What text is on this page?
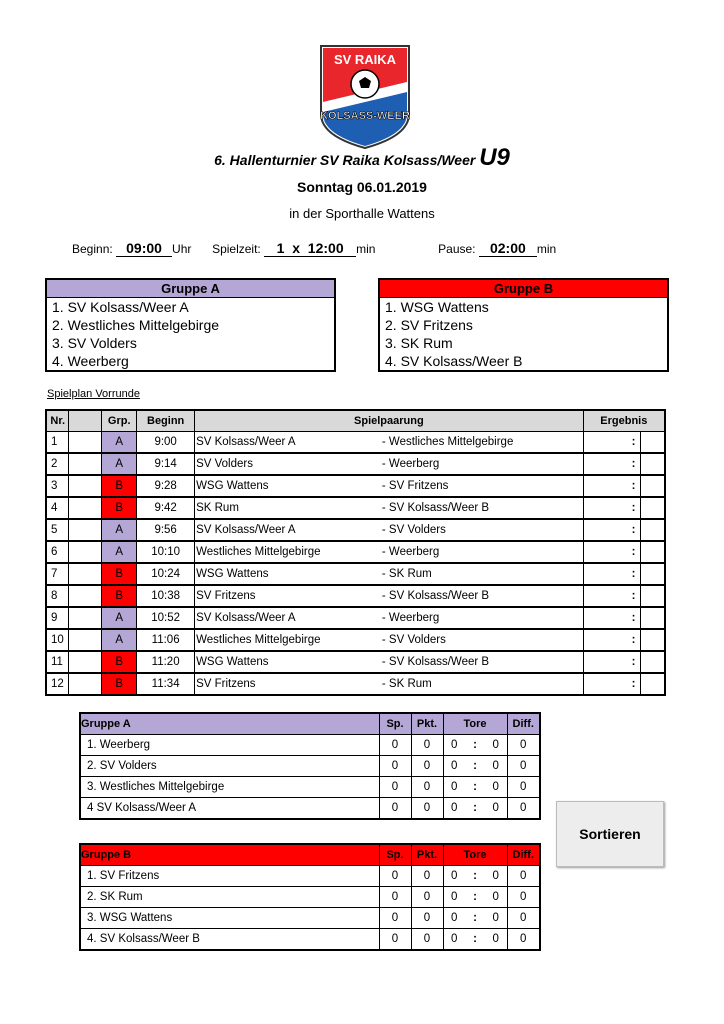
SV RAIKA
KOLSASS-WEER
6. Hallenturnier SV Raika Kolsass/Weer U9
Sonntag 06.01.2019
in der Sporthalle Wattens
Beginn: 09:00 Uhr Spielzeit: 1 x 12:00 min	Pause: 02:00 min
Gruppe A
1. SV Kolsass/Weer A
2. Westliches Mittelgebirge
3. SV Volders
4. Weerberg
Gruppe B
1. WSG Wattens
2. SV Fritzens
3. SK Rum
4. SV Kolsass/Weer B
Spielplan Vorrunde
Nr.		Grp.	Beginn	Spielpaarung		Ergebnis	
1		A	9:00	SV Kolsass/Weer A	- Westliches Mittelgebirge	:	
2		A	9:14	SV Volders	- Weerberg	:	
3		B	9:28	WSG Wattens	- SV Fritzens	:	
4		B	9:42	SK Rum	- SV Kolsass/Weer B	:	
5		A	9:56	SV Kolsass/Weer A	- SV Volders	:	
6		A	10:10	Westliches Mittelgebirge	- Weerberg	:	
7		B	10:24	WSG Wattens	- SK Rum	:	
8		B	10:38	SV Fritzens	- SV Kolsass/Weer B	:	
9		A	10:52	SV Kolsass/Weer A	- Weerberg	:	
10		A	11:06	Westliches Mittelgebirge	- SV Volders	:	
11		B	11:20	WSG Wattens	- SV Kolsass/Weer B	:	
12		B	11:34	SV Fritzens	- SK Rum	:	
Gruppe A	Sp.	Pkt.	Tore			Diff.
1. Weerberg	0	0	0	:	0	0
2. SV Volders	0	0	0	:	0	0
3. Westliches Mittelgebirge	0	0	0	:	0	0
4 SV Kolsass/Weer A	0	0	0	:	0	0
Gruppe B	Sp.	Pkt.	Tore			Diff.
1. SV Fritzens	0	0	0	:	0	0
2. SK Rum	0	0	0	:	0	0
3. WSG Wattens	0	0	0	:	0	0
4. SV Kolsass/Weer B	0	0	0	:	0	0
Sortieren
